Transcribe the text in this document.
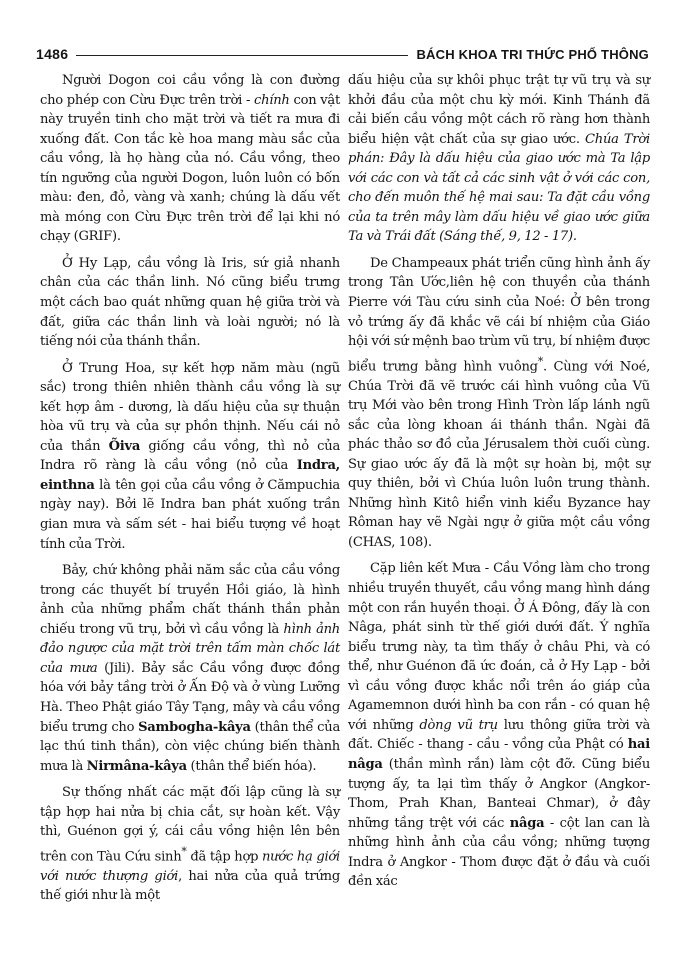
1486	BÁCH KHOA TRI THỨC PHỔ THÔNG

Người Dogon coi cầu vồng là con đường cho phép con Cừu Đực trên trời - chính con vật này truyền tinh cho mặt trời và tiết ra mưa đi xuống đất. Con tắc kè hoa mang màu sắc của cầu vồng, là họ hàng của nó. Cầu vồng, theo tín ngưỡng của người Dogon, luôn luôn có bốn màu: đen, đỏ, vàng và xanh; chúng là dấu vết mà móng con Cừu Đực trên trời để lại khi nó chạy (GRIF).

Ở Hy Lạp, cầu vồng là Iris, sứ giả nhanh chân của các thần linh. Nó cũng biểu trưng một cách bao quát những quan hệ giữa trời và đất, giữa các thần linh và loài người; nó là tiếng nói của thánh thần.

Ở Trung Hoa, sự kết hợp năm màu (ngũ sắc) trong thiên nhiên thành cầu vồng là sự kết hợp âm - dương, là dấu hiệu của sự thuận hòa vũ trụ và của sự phồn thịnh. Nếu cái nỏ của thần Õiva giống cầu vồng, thì nỏ của Indra rõ ràng là cầu vồng (nỏ của Indra, einthna là tên gọi của cầu vồng ở Cămpuchia ngày nay). Bởi lẽ Indra ban phát xuống trần gian mưa và sấm sét - hai biểu tượng về hoạt tính của Trời.

Bảy, chứ không phải năm sắc của cầu vồng trong các thuyết bí truyền Hồi giáo, là hình ảnh của những phẩm chất thánh thần phản chiếu trong vũ trụ, bởi vì cầu vồng là hình ảnh đảo ngược của mặt trời trên tấm màn chốc lát của mưa (Jili). Bảy sắc Cầu vồng được đồng hóa với bảy tầng trời ở Ấn Độ và ở vùng Lưỡng Hà. Theo Phật giáo Tây Tạng, mây và cầu vồng biểu trưng cho Sambogha-kâya (thân thể của lạc thú tinh thần), còn việc chúng biến thành mưa là Nirmâna-kâya (thân thể biến hóa).

Sự thống nhất các mặt đối lập cũng là sự tập hợp hai nửa bị chia cắt, sự hoàn kết. Vậy thì, Guénon gợi ý, cái cầu vồng hiện lên bên trên con Tàu Cứu sinh* đã tập hợp nước hạ giới với nước thượng giới, hai nửa của quả trứng thế giới như là một

dấu hiệu của sự khôi phục trật tự vũ trụ và sự khởi đầu của một chu kỳ mới. Kinh Thánh đã cải biến cầu vồng một cách rõ ràng hơn thành biểu hiện vật chất của sự giao ước. Chúa Trời phán: Đây là dấu hiệu của giao ước mà Ta lập với các con và tất cả các sinh vật ở với các con, cho đến muôn thế hệ mai sau: Ta đặt cầu vồng của ta trên mây làm dấu hiệu về giao ước giữa Ta và Trái đất (Sáng thế, 9, 12 - 17).

De Champeaux phát triển cũng hình ảnh ấy trong Tân Ước,liên hệ con thuyền của thánh Pierre với Tàu cứu sinh của Noé: Ở bên trong vỏ trứng ấy đã khắc vẽ cái bí nhiệm của Giáo hội với sứ mệnh bao trùm vũ trụ, bí nhiệm được biểu trưng bằng hình vuông*. Cùng với Noé, Chúa Trời đã vẽ trước cái hình vuông của Vũ trụ Mới vào bên trong Hình Tròn lấp lánh ngũ sắc của lòng khoan ái thánh thần. Ngài đã phác thảo sơ đồ của Jérusalem thời cuối cùng. Sự giao ước ấy đã là một sự hoàn bị, một sự quy thiên, bởi vì Chúa luôn luôn trung thành. Những hình Kitô hiển vinh kiểu Byzance hay Rôman hay vẽ Ngài ngự ở giữa một cầu vồng (CHAS, 108).

Cặp liên kết Mưa - Cầu Vồng làm cho trong nhiều truyền thuyết, cầu vồng mang hình dáng một con rắn huyền thoại. Ở Á Đông, đấy là con Nâga, phát sinh từ thế giới dưới đất. Ý nghĩa biểu trưng này, ta tìm thấy ở châu Phi, và có thể, như Guénon đã ức đoán, cả ở Hy Lạp - bởi vì cầu vồng được khắc nổi trên áo giáp của Agamemnon dưới hình ba con rắn - có quan hệ với những dòng vũ trụ lưu thông giữa trời và đất. Chiếc - thang - cầu - vồng của Phật có hai nâga (thần mình rắn) làm cột đỡ. Cũng biểu tượng ấy, ta lại tìm thấy ở Angkor (Angkor-Thom, Prah Khan, Banteai Chmar), ở đây những tầng trệt với các nâga - cột lan can là những hình ảnh của cầu vồng; những tượng Indra ở Angkor - Thom được đặt ở đầu và cuối đền xác
